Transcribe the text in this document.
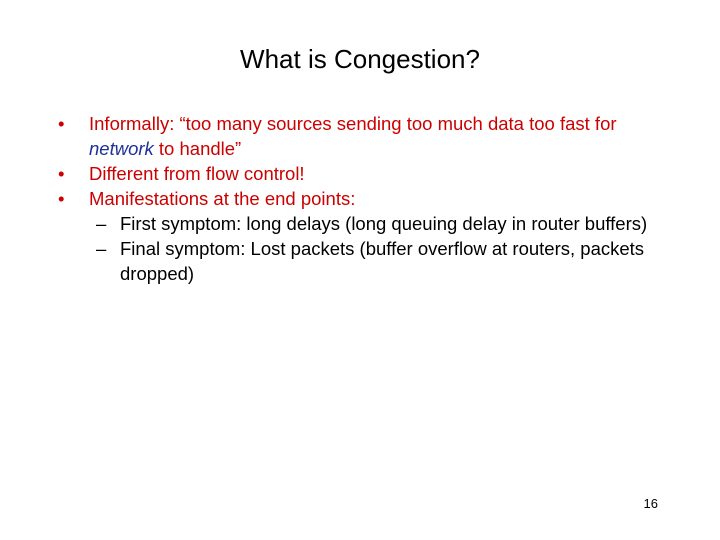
What is Congestion?
• Informally: “too many sources sending too much data too fast for network to handle”
• Different from flow control!
• Manifestations at the end points:
– First symptom: long delays (long queuing delay in router buffers)
– Final symptom: Lost packets (buffer overflow at routers, packets dropped)
16
